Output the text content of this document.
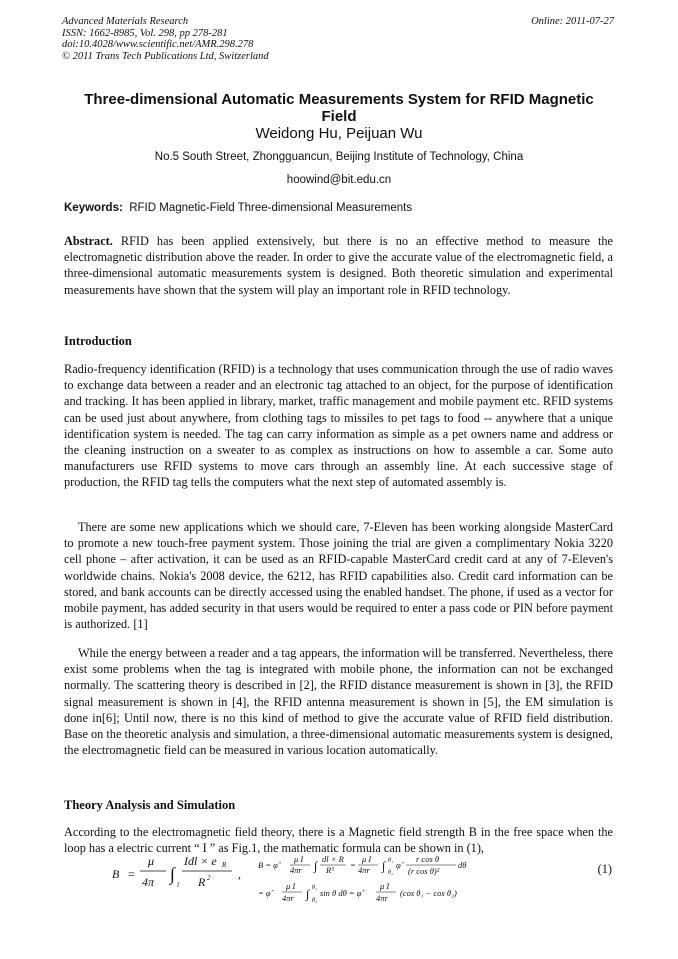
Advanced Materials Research
ISSN: 1662-8985, Vol. 298, pp 278-281
doi:10.4028/www.scientific.net/AMR.298.278
© 2011 Trans Tech Publications Ltd, Switzerland
Online: 2011-07-27
Three-dimensional Automatic Measurements System for RFID Magnetic
Field
Weidong Hu, Peijuan Wu
No.5 South Street, Zhongguancun, Beijing Institute of Technology, China
hoowind@bit.edu.cn
Keywords: RFID Magnetic-Field Three-dimensional Measurements
Abstract. RFID has been applied extensively, but there is no an effective method to measure the electromagnetic distribution above the reader. In order to give the accurate value of the electromagnetic field, a three-dimensional automatic measurements system is designed. Both theoretic simulation and experimental measurements have shown that the system will play an important role in RFID technology.
Introduction
Radio-frequency identification (RFID) is a technology that uses communication through the use of radio waves to exchange data between a reader and an electronic tag attached to an object, for the purpose of identification and tracking. It has been applied in library, market, traffic management and mobile payment etc. RFID systems can be used just about anywhere, from clothing tags to missiles to pet tags to food -- anywhere that a unique identification system is needed. The tag can carry information as simple as a pet owners name and address or the cleaning instruction on a sweater to as complex as instructions on how to assemble a car. Some auto manufacturers use RFID systems to move cars through an assembly line. At each successive stage of production, the RFID tag tells the computers what the next step of automated assembly is.
There are some new applications which we should care, 7-Eleven has been working alongside MasterCard to promote a new touch-free payment system. Those joining the trial are given a complimentary Nokia 3220 cell phone – after activation, it can be used as an RFID-capable MasterCard credit card at any of 7-Eleven's worldwide chains. Nokia's 2008 device, the 6212, has RFID capabilities also. Credit card information can be stored, and bank accounts can be directly accessed using the enabled handset. The phone, if used as a vector for mobile payment, has added security in that users would be required to enter a pass code or PIN before payment is authorized. [1]
While the energy between a reader and a tag appears, the information will be transferred. Nevertheless, there exist some problems when the tag is integrated with mobile phone, the information can not be exchanged normally. The scattering theory is described in [2], the RFID distance measurement is shown in [3], the RFID signal measurement is shown in [4], the RFID antenna measurement is shown in [5], the EM simulation is done in[6]; Until now, there is no this kind of method to give the accurate value of RFID field distribution. Base on the theoretic analysis and simulation, a three-dimensional automatic measurements system is designed, the electromagnetic field can be measured in various location automatically.
Theory Analysis and Simulation
According to the electromagnetic field theory, there is a Magnetic field strength B in the free space when the loop has a electric current “ I ” as Fig.1, the mathematic formula can be shown in (1),
B =
μ
4π ∫
l
Idl × e R
R 2 ,
B = φ̂
μ I
4πr ∫ dl × R
R³ =
μ I
4πr ∫ θ₁
θ₂
φ̂
r cos θ
(r cos θ)²
dθ
= φ̂
μ I
4πr ∫ θ₁
θ₂
sin θ dθ = φ̂
μ I
4πr (cos θ₁ − cos θ₂)
(1)
